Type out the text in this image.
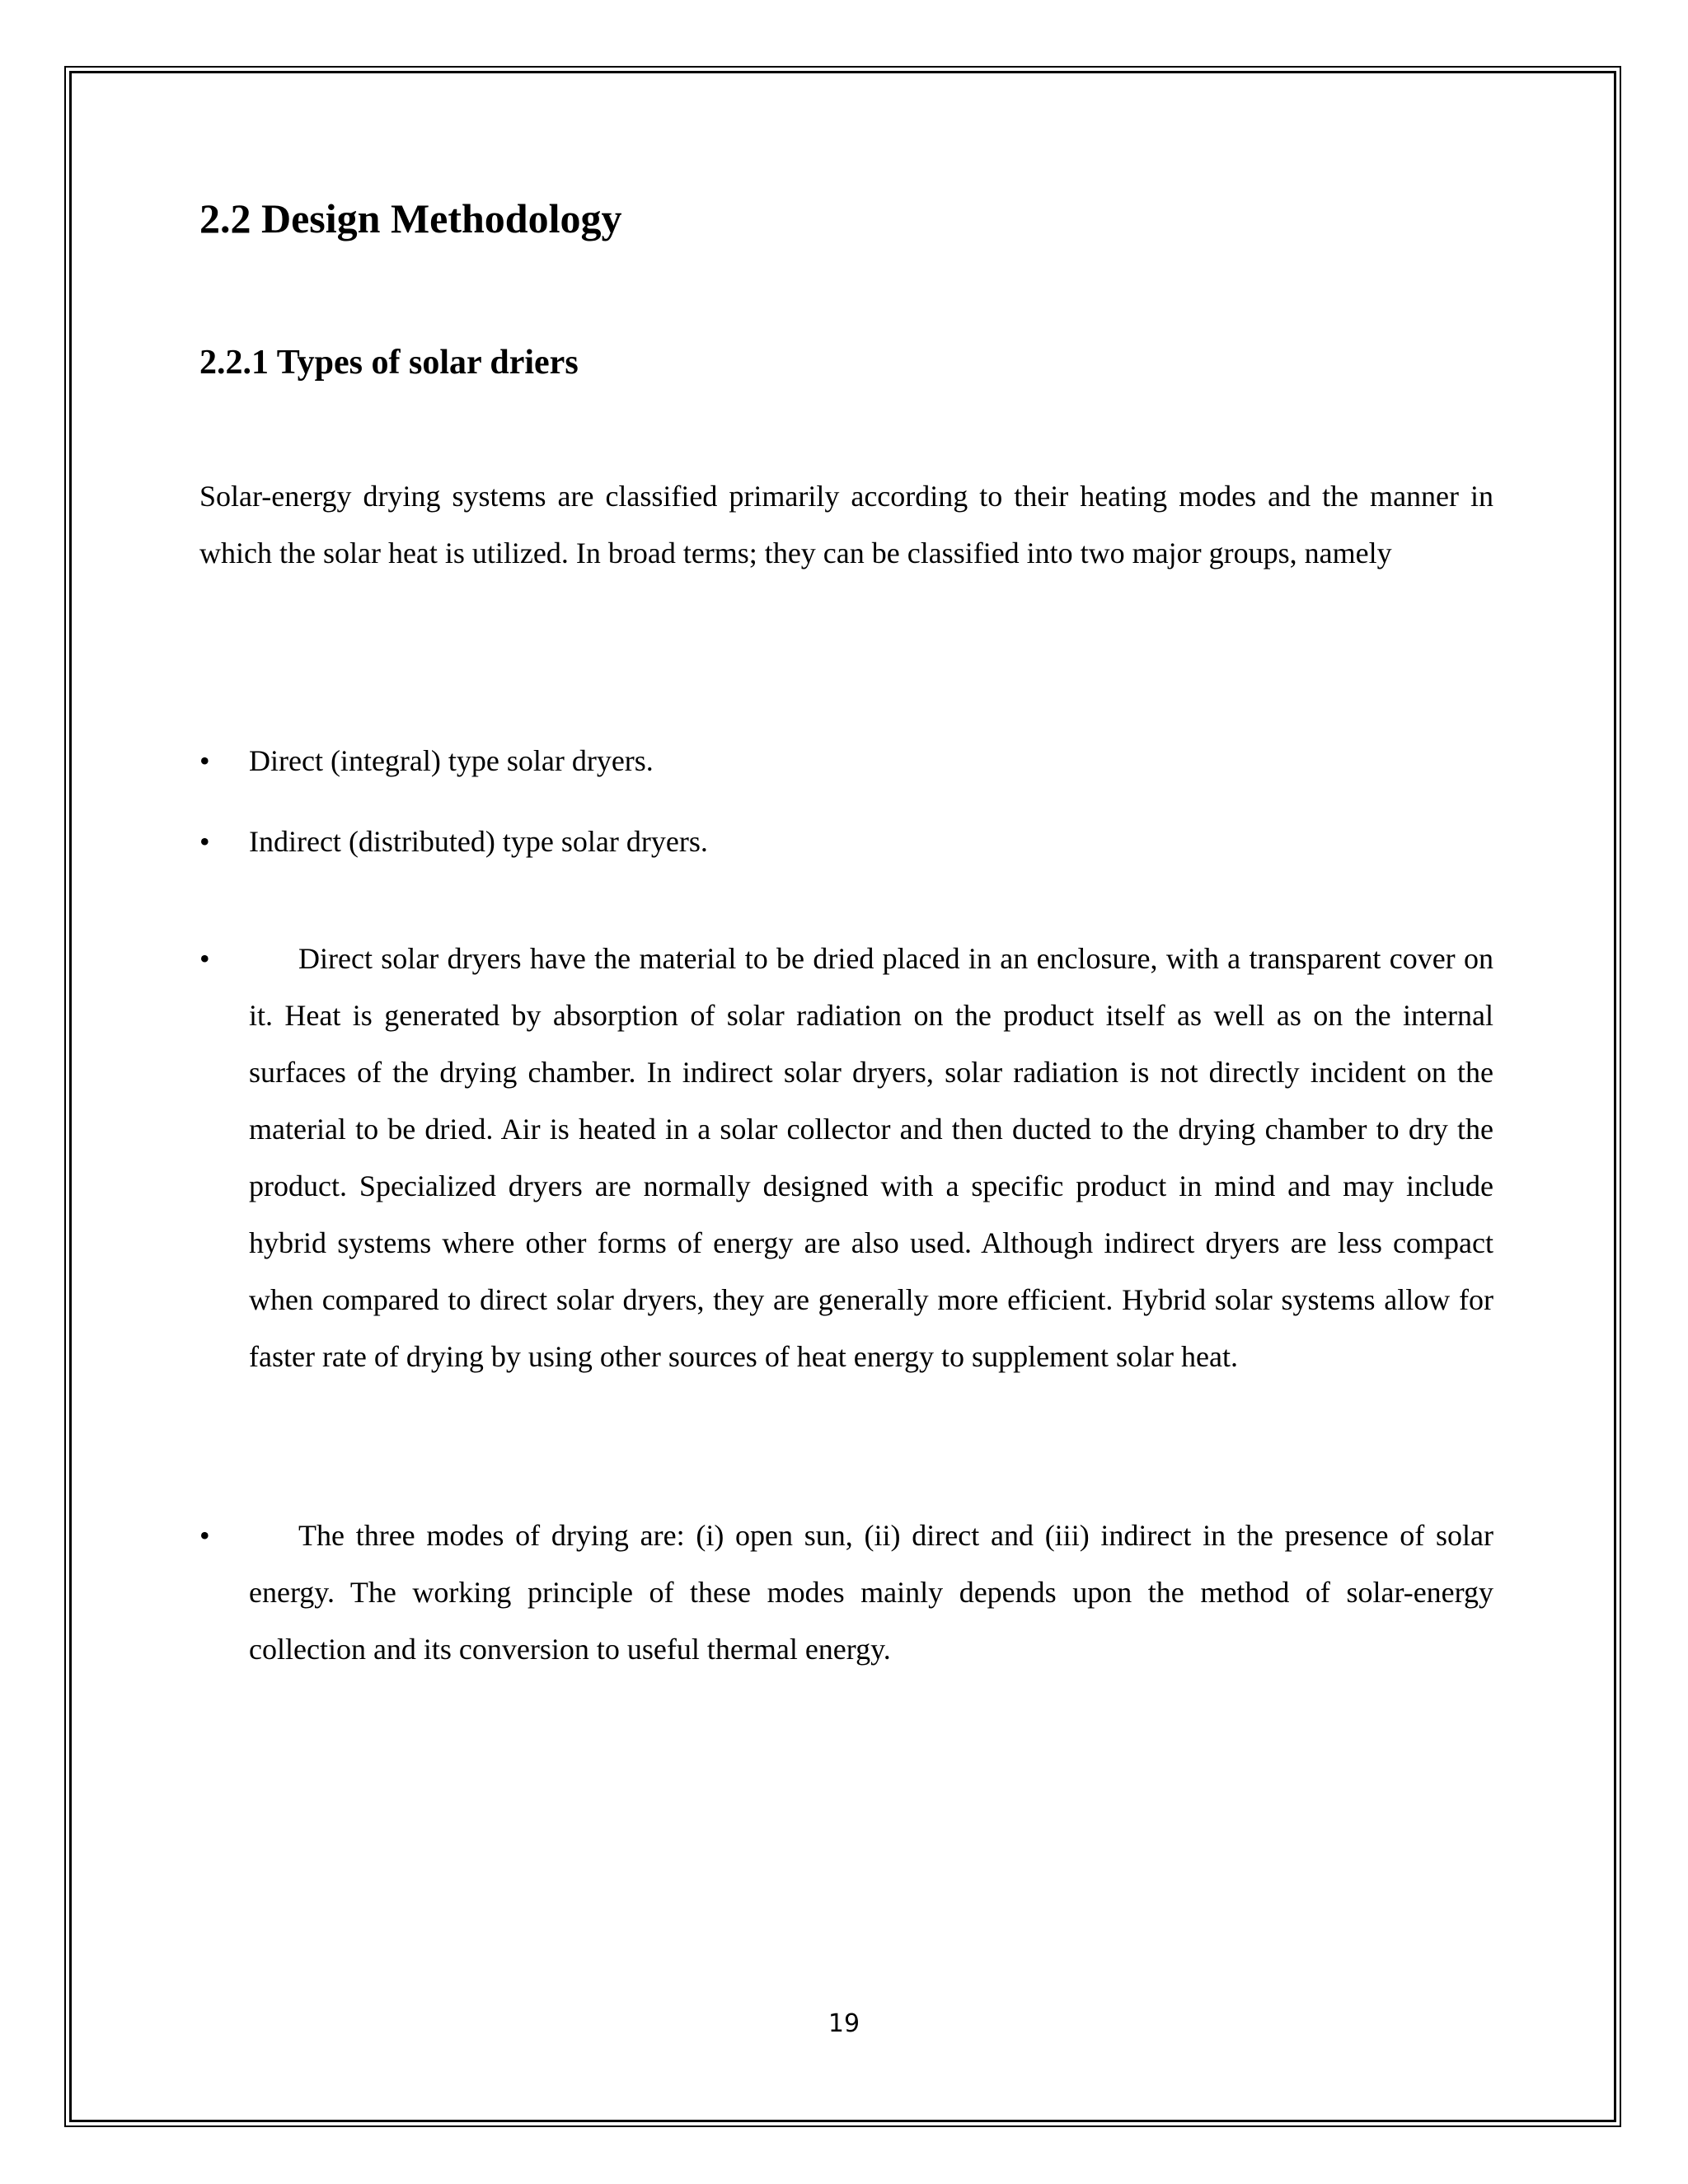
2.2 Design Methodology
2.2.1 Types of solar driers

Solar-energy drying systems are classified primarily according to their heating modes and the manner in which the solar heat is utilized. In broad terms; they can be classified into two major groups, namely

• Direct (integral) type solar dryers.
• Indirect (distributed) type solar dryers.

•	Direct solar dryers have the material to be dried placed in an enclosure, with a transparent cover on it. Heat is generated by absorption of solar radiation on the product itself as well as on the internal surfaces of the drying chamber. In indirect solar dryers, solar radiation is not directly incident on the material to be dried. Air is heated in a solar collector and then ducted to the drying chamber to dry the product. Specialized dryers are normally designed with a specific product in mind and may include hybrid systems where other forms of energy are also used. Although indirect dryers are less compact when compared to direct solar dryers, they are generally more efficient. Hybrid solar systems allow for faster rate of drying by using other sources of heat energy to supplement solar heat.

•	The three modes of drying are: (i) open sun, (ii) direct and (iii) indirect in the presence of solar energy. The working principle of these modes mainly depends upon the method of solar-energy collection and its conversion to useful thermal energy.

19
